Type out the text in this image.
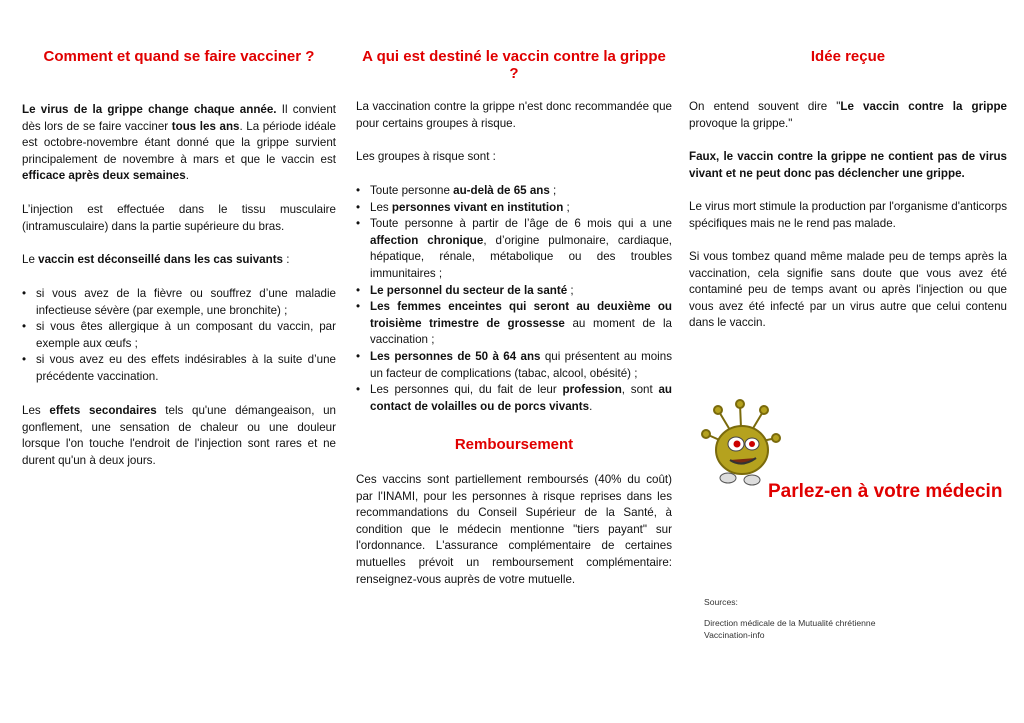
Comment et quand se faire vacciner ?

Le virus de la grippe change chaque année. Il convient dès lors de se faire vacciner tous les ans. La période idéale est octobre-novembre étant donné que la grippe survient principalement de novembre à mars et que le vaccin est efficace après deux semaines.

L’injection est effectuée dans le tissu musculaire (intramusculaire) dans la partie supérieure du bras.

Le vaccin est déconseillé dans les cas suivants :

• si vous avez de la fièvre ou souffrez d’une maladie infectieuse sévère (par exemple, une bronchite) ;
• si vous êtes allergique à un composant du vaccin, par exemple aux œufs ;
• si vous avez eu des effets indésirables à la suite d’une précédente vaccination.

Les effets secondaires tels qu'une démangeaison, un gonflement, une sensation de chaleur ou une douleur lorsque l'on touche l'endroit de l'injection sont rares et ne durent qu'un à deux jours.

A qui est destiné le vaccin contre la grippe ?

La vaccination contre la grippe n'est donc recommandée que pour certains groupes à risque.

Les groupes à risque sont :

• Toute personne au-delà de 65 ans ;
• Les personnes vivant en institution ;
• Toute personne à partir de l’âge de 6 mois qui a une affection chronique, d’origine pulmonaire, cardiaque, hépatique, rénale, métabolique ou des troubles immunitaires ;
• Le personnel du secteur de la santé ;
• Les femmes enceintes qui seront au deuxième ou troisième trimestre de grossesse au moment de la vaccination ;
• Les personnes de 50 à 64 ans qui présentent au moins un facteur de complications (tabac, alcool, obésité) ;
• Les personnes qui, du fait de leur profession, sont au contact de volailles ou de porcs vivants.
Remboursement

Ces vaccins sont partiellement remboursés (40% du coût) par l'INAMI, pour les personnes à risque reprises dans les recommandations du Conseil Supérieur de la Santé, à condition que le médecin mentionne "tiers payant" sur l'ordonnance. L'assurance complémentaire de certaines mutuelles prévoit un remboursement complémentaire: renseignez-vous auprès de votre mutuelle.

Idée reçue

On entend souvent dire "Le vaccin contre la grippe provoque la grippe."

Faux, le vaccin contre la grippe ne contient pas de virus vivant et ne peut donc pas déclencher une grippe.

Le virus mort stimule la production par l'organisme d'anticorps spécifiques mais ne le rend pas malade.

Si vous tombez quand même malade peu de temps après la vaccination, cela signifie sans doute que vous avez été contaminé peu de temps avant ou après l'injection ou que vous avez été infecté par un virus autre que celui contenu dans le vaccin.

Parlez-en à votre médecin
Sources:
Direction médicale de la Mutualité chrétienne
Vaccination-info
